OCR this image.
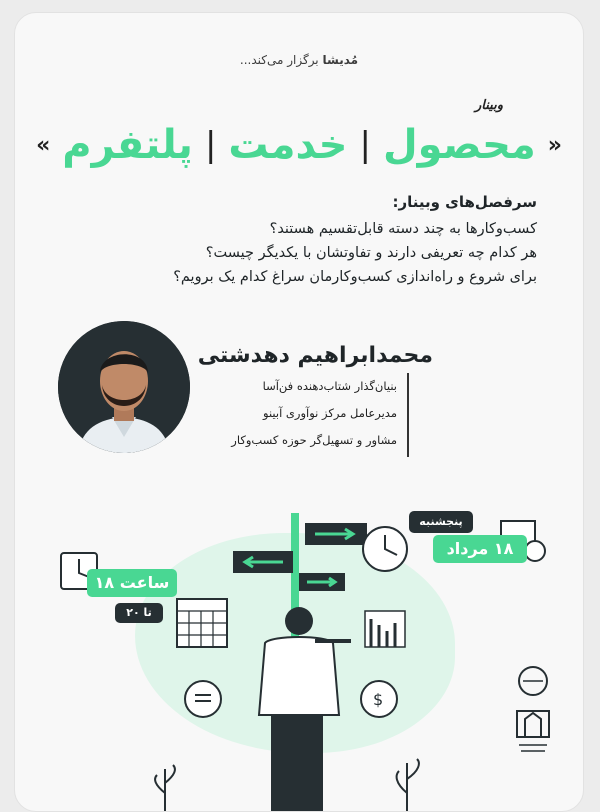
مُدیشا برگزار می‌کند...
وبینار
«
محصول
|
خدمت
|
پلتفرم
»
سرفصل‌های وبینار:
کسب‌وکارها به چند دسته قابل‌تقسیم هستند؟
هر کدام چه تعریفی دارند و تفاوتشان با یکدیگر چیست؟
برای شروع و راه‌اندازی کسب‌وکارمان سراغ کدام یک برویم؟
محمدابراهیم دهدشتی
بنیان‌گذار شتاب‌دهنده فن‌آسا
مدیرعامل مرکز نوآوری آبینو
مشاور و تسهیل‌گر حوزه کسب‌وکار
$
پنجشنبه
۱۸ مرداد
ساعت ۱۸
تا ۲۰
